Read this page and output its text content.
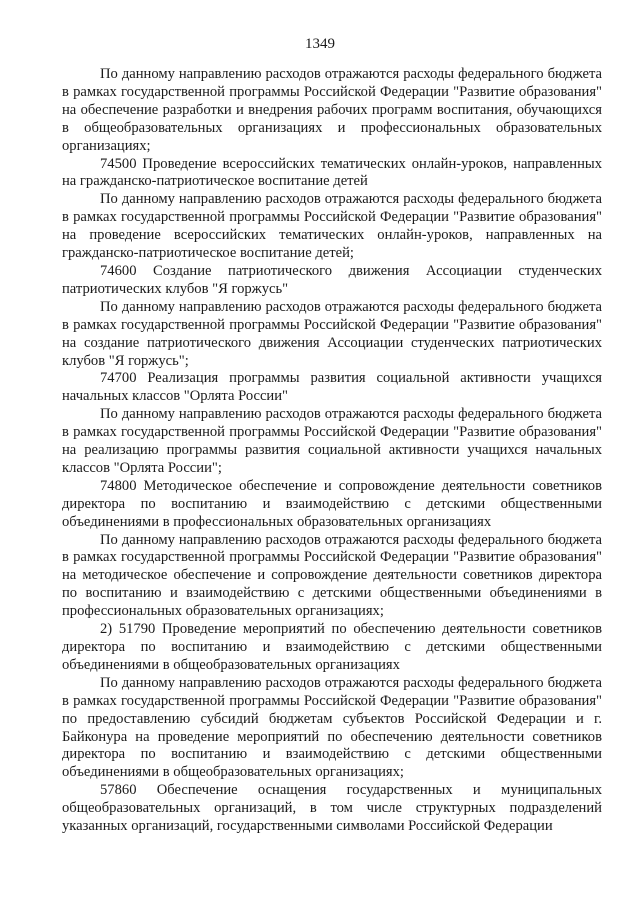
1349

По данному направлению расходов отражаются расходы федерального бюджета в рамках государственной программы Российской Федерации "Развитие образования" на обеспечение разработки и внедрения рабочих программ воспитания, обучающихся в общеобразовательных организациях и профессиональных образовательных организациях;

74500 Проведение всероссийских тематических онлайн-уроков, направленных на гражданско-патриотическое воспитание детей

По данному направлению расходов отражаются расходы федерального бюджета в рамках государственной программы Российской Федерации "Развитие образования" на проведение всероссийских тематических онлайн-уроков, направленных на гражданско-патриотическое воспитание детей;

74600 Создание патриотического движения Ассоциации студенческих патриотических клубов "Я горжусь"

По данному направлению расходов отражаются расходы федерального бюджета в рамках государственной программы Российской Федерации "Развитие образования" на создание патриотического движения Ассоциации студенческих патриотических клубов "Я горжусь";

74700 Реализация программы развития социальной активности учащихся начальных классов "Орлята России"

По данному направлению расходов отражаются расходы федерального бюджета в рамках государственной программы Российской Федерации "Развитие образования" на реализацию программы развития социальной активности учащихся начальных классов "Орлята России";

74800 Методическое обеспечение и сопровождение деятельности советников директора по воспитанию и взаимодействию с детскими общественными объединениями в профессиональных образовательных организациях

По данному направлению расходов отражаются расходы федерального бюджета в рамках государственной программы Российской Федерации "Развитие образования" на методическое обеспечение и сопровождение деятельности советников директора по воспитанию и взаимодействию с детскими общественными объединениями в профессиональных образовательных организациях;

2) 51790 Проведение мероприятий по обеспечению деятельности советников директора по воспитанию и взаимодействию с детскими общественными объединениями в общеобразовательных организациях

По данному направлению расходов отражаются расходы федерального бюджета в рамках государственной программы Российской Федерации "Развитие образования" по предоставлению субсидий бюджетам субъектов Российской Федерации и г. Байконура на проведение мероприятий по обеспечению деятельности советников директора по воспитанию и взаимодействию с детскими общественными объединениями в общеобразовательных организациях;

57860 Обеспечение оснащения государственных и муниципальных общеобразовательных организаций, в том числе структурных подразделений указанных организаций, государственными символами Российской Федерации
